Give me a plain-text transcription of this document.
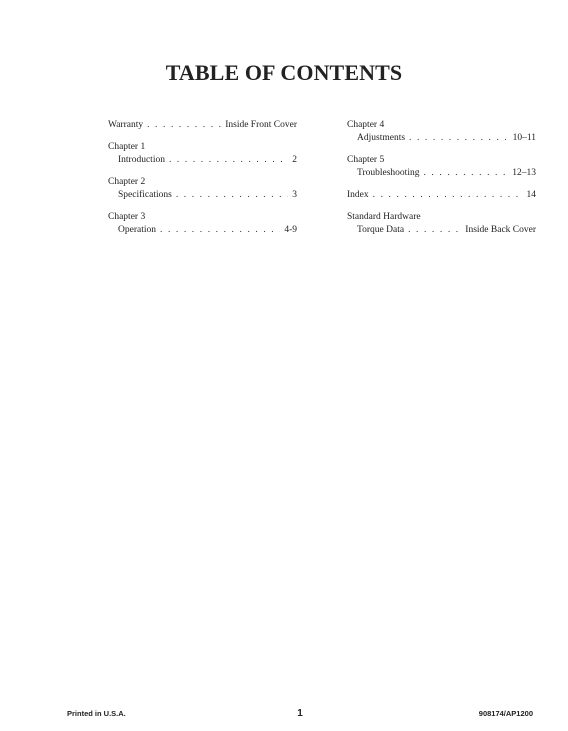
TABLE OF CONTENTS
Warranty . . .	Inside Front Cover
Chapter 1
Introduction . . .	2
Chapter 2
Specifications . . .	3
Chapter 3
Operation . . .	4-9
Chapter 4
Adjustments . . .	10–11
Chapter 5
Troubleshooting . . .	12–13
Index . . .	14
Standard Hardware
Torque Data . . .	Inside Back Cover
Printed in U.S.A.	1	908174/AP1200
